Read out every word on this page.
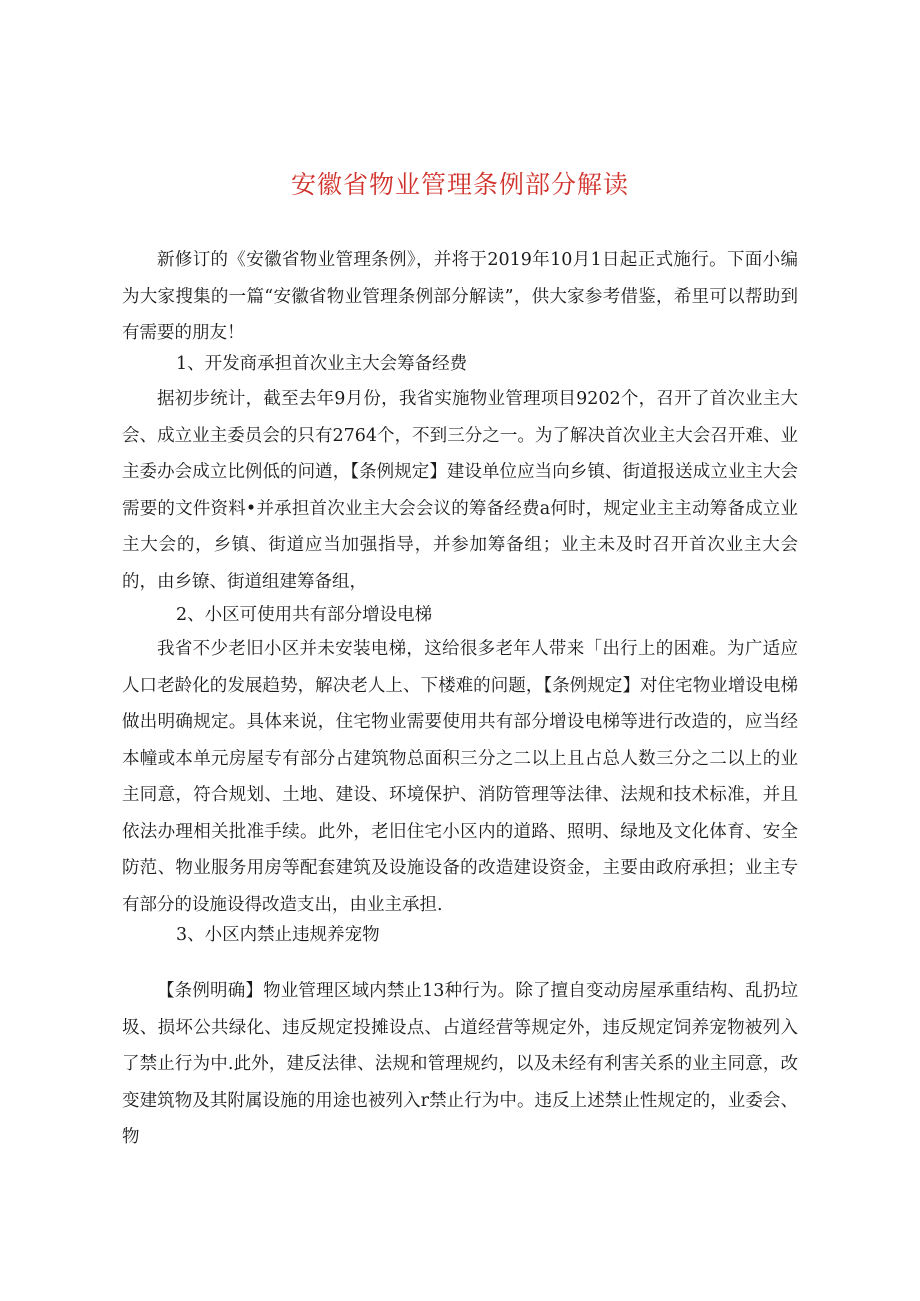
安徽省物业管理条例部分解读
新修订的《安徽省物业管理条例》，并将于2019年10月1日起正式施行。下面小编为大家搜集的一篇“安徽省物业管理条例部分解读”，供大家参考借鉴，希里可以帮助到有需要的朋友！
1、开发商承担首次业主大会筹备经费
据初步统计，截至去年9月份，我省实施物业管理项目9202个，召开了首次业主大会、成立业主委员会的只有2764个，不到三分之一。为了解决首次业主大会召开难、业主委办会成立比例低的问遒，【条例规定】建设单位应当向乡镇、街道报送成立业主大会需要的文件资料•并承担首次业主大会会议的筹备经费a何时，规定业主主动筹备成立业主大会的，乡镇、街道应当加强指导，并参加筹备组；业主未及时召开首次业主大会的，由乡镣、街道组建筹备组，
2、小区可使用共有部分增设电梯
我省不少老旧小区并未安装电梯，这给很多老年人带来「出行上的困难。为广适应人口老龄化的发展趋势，解决老人上、下楼难的问题，【条例规定】对住宅物业增设电梯做出明确规定。具体来说，住宅物业需要使用共有部分增设电梯等进行改造的，应当经本幢或本单元房屋专有部分占建筑物总面积三分之二以上且占总人数三分之二以上的业主同意，符合规划、土地、建设、环境保护、消防管理等法律、法规和技术标准，并且依法办理相关批准手续。此外，老旧住宅小区内的道路、照明、绿地及文化体育、安全防范、物业服务用房等配套建筑及设施设备的改造建设资金，主要由政府承担；业主专有部分的设施设得改造支出，由业主承担.
3、小区内禁止违规养宠物
【条例明确】物业管理区域内禁止13种行为。除了擅自变动房屋承重结构、乱扔垃圾、损坏公共绿化、违反规定投摊设点、占道经营等规定外，违反规定饲养宠物被列入了禁止行为中.此外，建反法律、法规和管理规约，以及未经有利害关系的业主同意，改变建筑物及其附属设施的用途也被列入r禁止行为中。违反上述禁止性规定的，业委会、物
